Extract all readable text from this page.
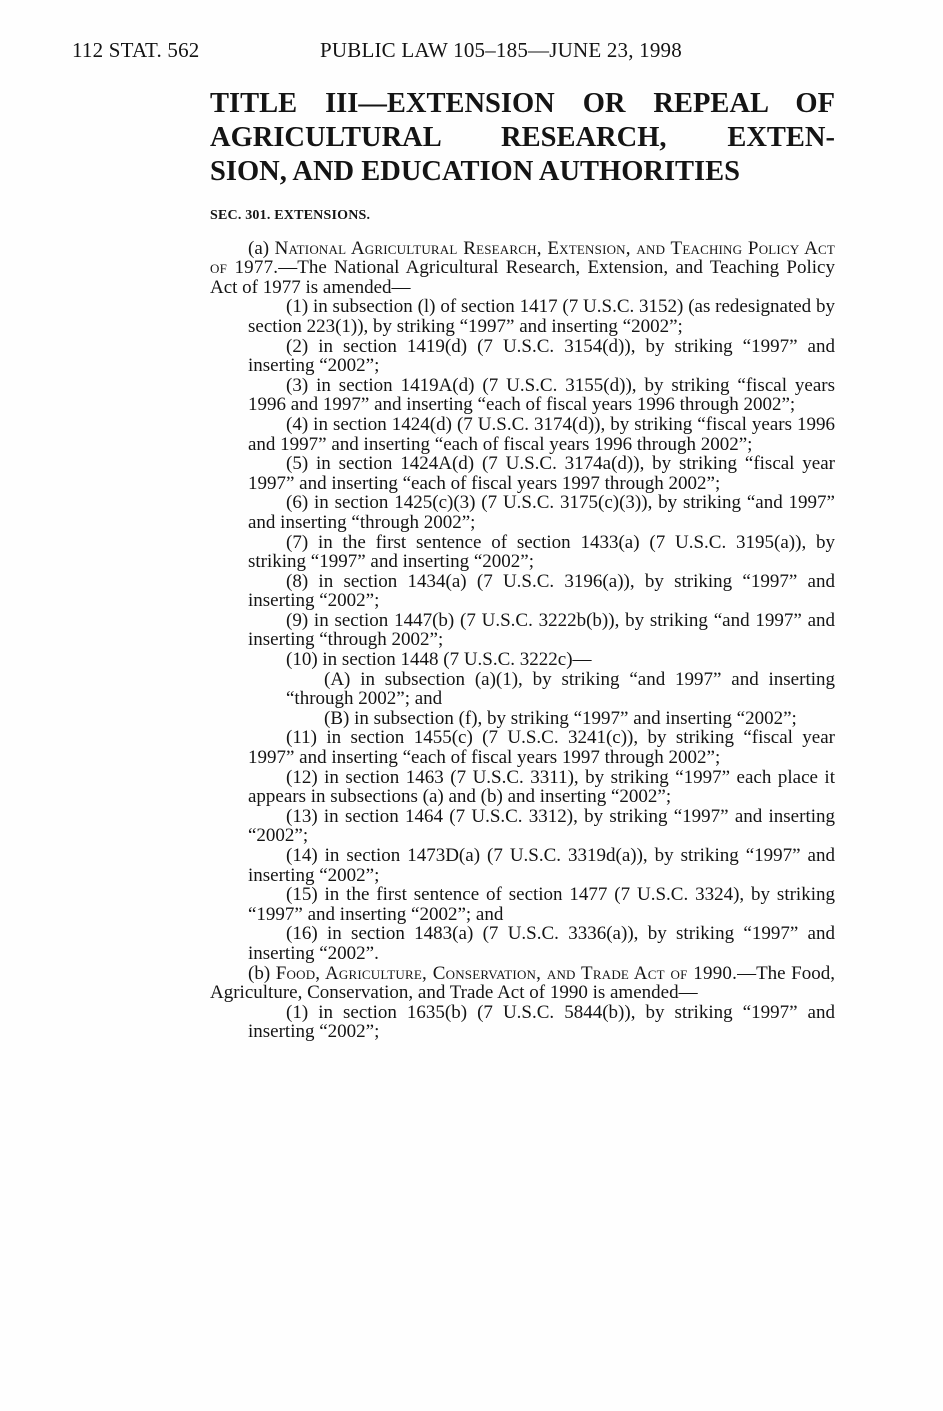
112 STAT. 562	PUBLIC LAW 105–185—JUNE 23, 1998
TITLE III—EXTENSION OR REPEAL OF
AGRICULTURAL RESEARCH, EXTEN-
SION, AND EDUCATION AUTHORITIES
SEC. 301. EXTENSIONS.

(a) National Agricultural Research, Extension, and Teaching Policy Act of 1977.—The National Agricultural Research, Extension, and Teaching Policy Act of 1977 is amended—

(1) in subsection (l) of section 1417 (7 U.S.C. 3152) (as redesignated by section 223(1)), by striking “1997” and inserting “2002”;

(2) in section 1419(d) (7 U.S.C. 3154(d)), by striking “1997” and inserting “2002”;

(3) in section 1419A(d) (7 U.S.C. 3155(d)), by striking “fiscal years 1996 and 1997” and inserting “each of fiscal years 1996 through 2002”;

(4) in section 1424(d) (7 U.S.C. 3174(d)), by striking “fiscal years 1996 and 1997” and inserting “each of fiscal years 1996 through 2002”;

(5) in section 1424A(d) (7 U.S.C. 3174a(d)), by striking “fiscal year 1997” and inserting “each of fiscal years 1997 through 2002”;

(6) in section 1425(c)(3) (7 U.S.C. 3175(c)(3)), by striking “and 1997” and inserting “through 2002”;

(7) in the first sentence of section 1433(a) (7 U.S.C. 3195(a)), by striking “1997” and inserting “2002”;

(8) in section 1434(a) (7 U.S.C. 3196(a)), by striking “1997” and inserting “2002”;

(9) in section 1447(b) (7 U.S.C. 3222b(b)), by striking “and 1997” and inserting “through 2002”;

(10) in section 1448 (7 U.S.C. 3222c)—

(A) in subsection (a)(1), by striking “and 1997” and inserting “through 2002”; and

(B) in subsection (f), by striking “1997” and inserting “2002”;

(11) in section 1455(c) (7 U.S.C. 3241(c)), by striking “fiscal year 1997” and inserting “each of fiscal years 1997 through 2002”;

(12) in section 1463 (7 U.S.C. 3311), by striking “1997” each place it appears in subsections (a) and (b) and inserting “2002”;

(13) in section 1464 (7 U.S.C. 3312), by striking “1997” and inserting “2002”;

(14) in section 1473D(a) (7 U.S.C. 3319d(a)), by striking “1997” and inserting “2002”;

(15) in the first sentence of section 1477 (7 U.S.C. 3324), by striking “1997” and inserting “2002”; and

(16) in section 1483(a) (7 U.S.C. 3336(a)), by striking “1997” and inserting “2002”.

(b) Food, Agriculture, Conservation, and Trade Act of 1990.—The Food, Agriculture, Conservation, and Trade Act of 1990 is amended—

(1) in section 1635(b) (7 U.S.C. 5844(b)), by striking “1997” and inserting “2002”;
